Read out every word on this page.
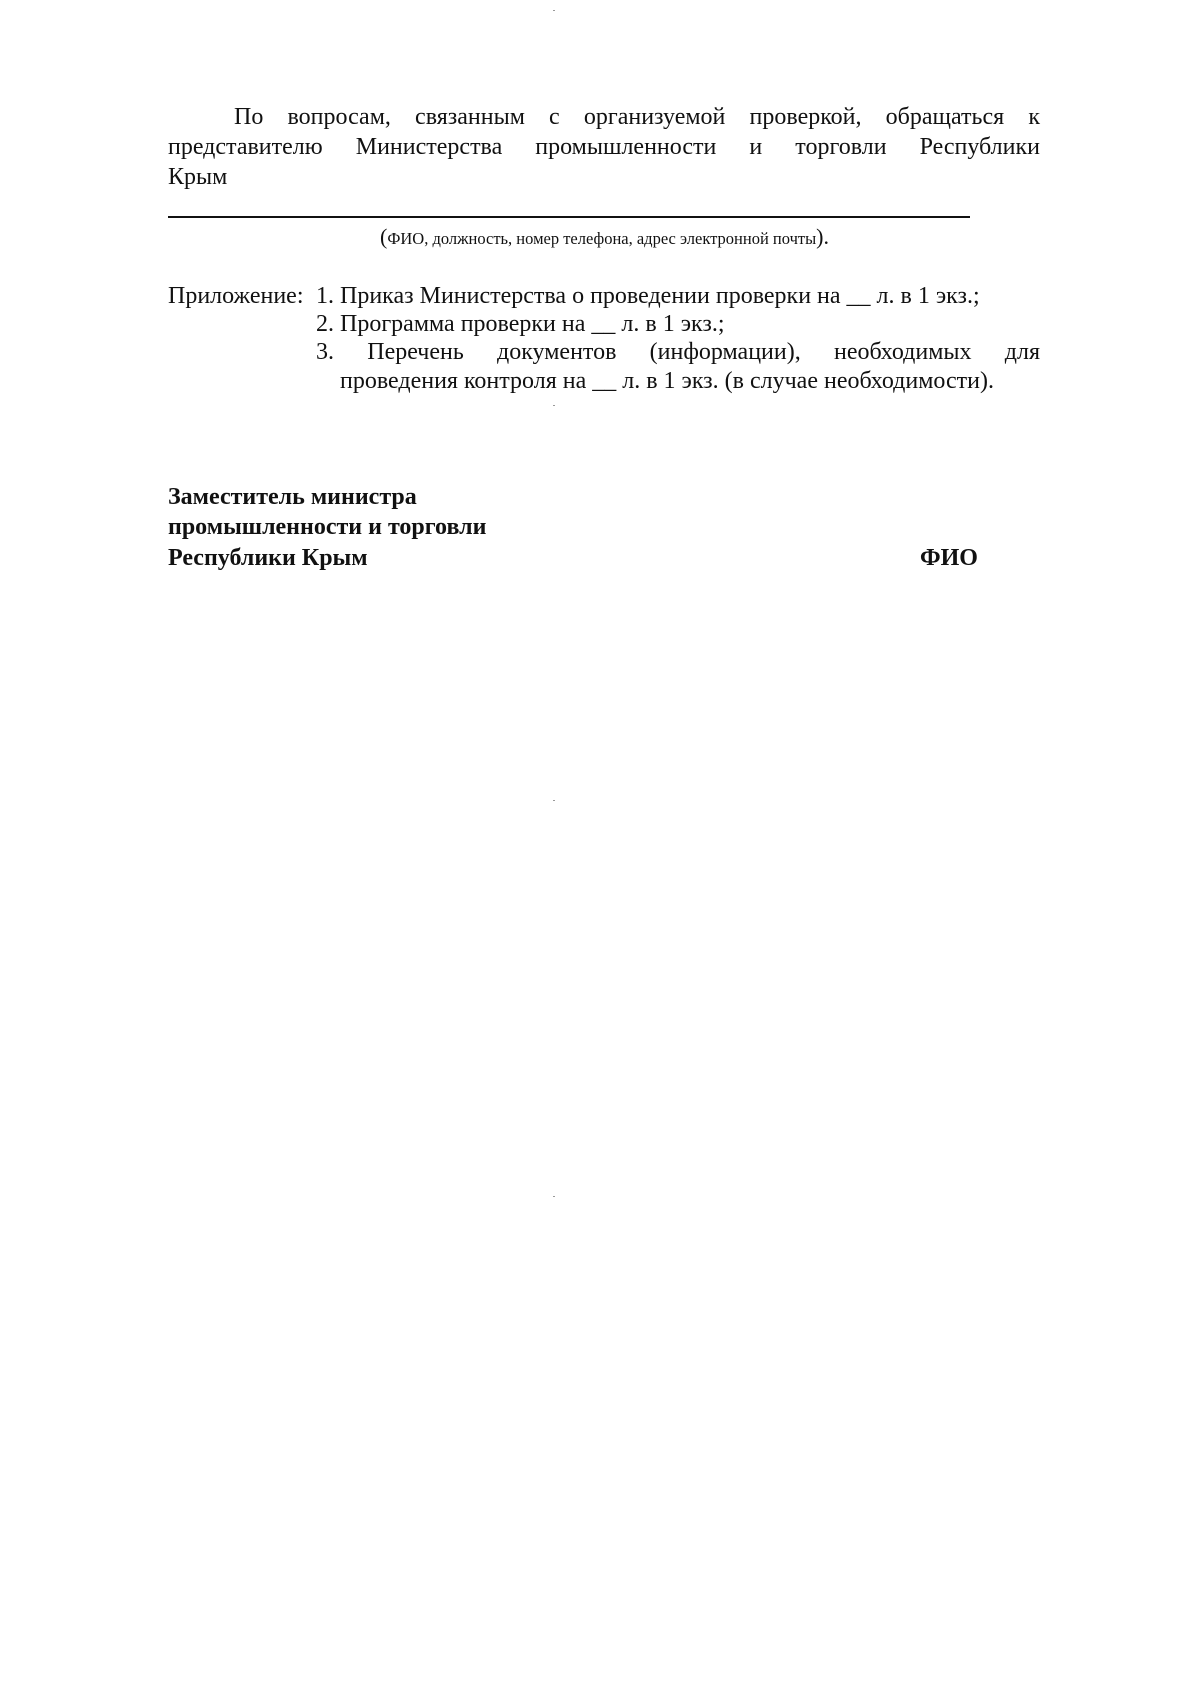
По вопросам, связанным с организуемой проверкой, обращаться к
представителю Министерства промышленности и торговли Республики
Крым
(ФИО, должность, номер телефона, адрес электронной почты).
Приложение: 1. Приказ Министерства о проведении проверки на __ л. в 1 экз.;
2. Программа проверки на __ л. в 1 экз.;
3. Перечень документов (информации), необходимых для
проведения контроля на __ л. в 1 экз. (в случае необходимости).
Заместитель министра
промышленности и торговли
Республики Крым	ФИО
